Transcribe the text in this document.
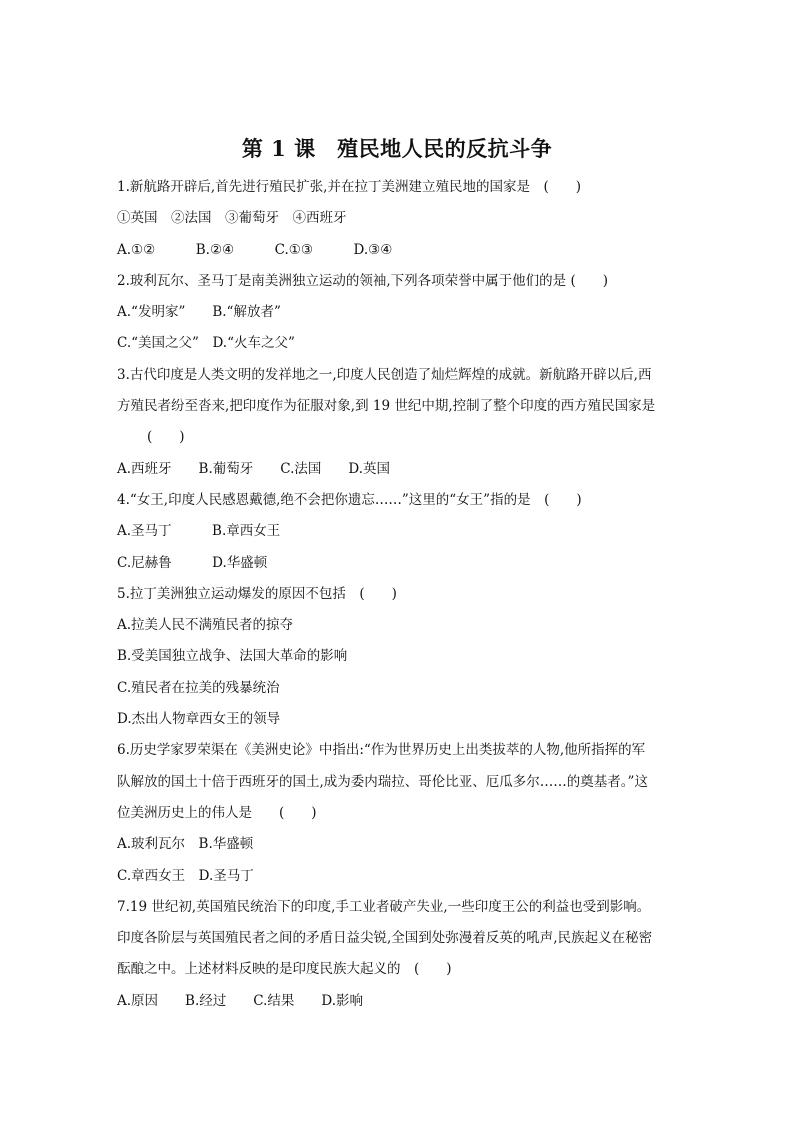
第 1 课　殖民地人民的反抗斗争
1.新航路开辟后,首先进行殖民扩张,并在拉丁美洲建立殖民地的国家是　(　　)
①英国　②法国　③葡萄牙　④西班牙
A.①②　　　B.②④　　　C.①③　　　D.③④
2.玻利瓦尔、圣马丁是南美洲独立运动的领袖,下列各项荣誉中属于他们的是 (　　)
A.“发明家”　　B.“解放者”
C.“美国之父”　D.“火车之父”
3.古代印度是人类文明的发祥地之一,印度人民创造了灿烂辉煌的成就。新航路开辟以后,西
方殖民者纷至沓来,把印度作为征服对象,到 19 世纪中期,控制了整个印度的西方殖民国家是
(　　)
A.西班牙　　B.葡萄牙　　C.法国　　D.英国
4.“女王,印度人民感恩戴德,绝不会把你遗忘……”这里的“女王”指的是　(　　)
A.圣马丁　　　B.章西女王
C.尼赫鲁　　　D.华盛顿
5.拉丁美洲独立运动爆发的原因不包括　(　　)
A.拉美人民不满殖民者的掠夺
B.受美国独立战争、法国大革命的影响
C.殖民者在拉美的残暴统治
D.杰出人物章西女王的领导
6.历史学家罗荣渠在《美洲史论》中指出:“作为世界历史上出类拔萃的人物,他所指挥的军
队解放的国土十倍于西班牙的国土,成为委内瑞拉、哥伦比亚、厄瓜多尔……的奠基者。”这
位美洲历史上的伟人是　　(　　)
A.玻利瓦尔　B.华盛顿
C.章西女王　D.圣马丁
7.19 世纪初,英国殖民统治下的印度,手工业者破产失业,一些印度王公的利益也受到影响。
印度各阶层与英国殖民者之间的矛盾日益尖锐,全国到处弥漫着反英的吼声,民族起义在秘密
酝酿之中。上述材料反映的是印度民族大起义的　(　　)
A.原因　　B.经过　　C.结果　　D.影响
